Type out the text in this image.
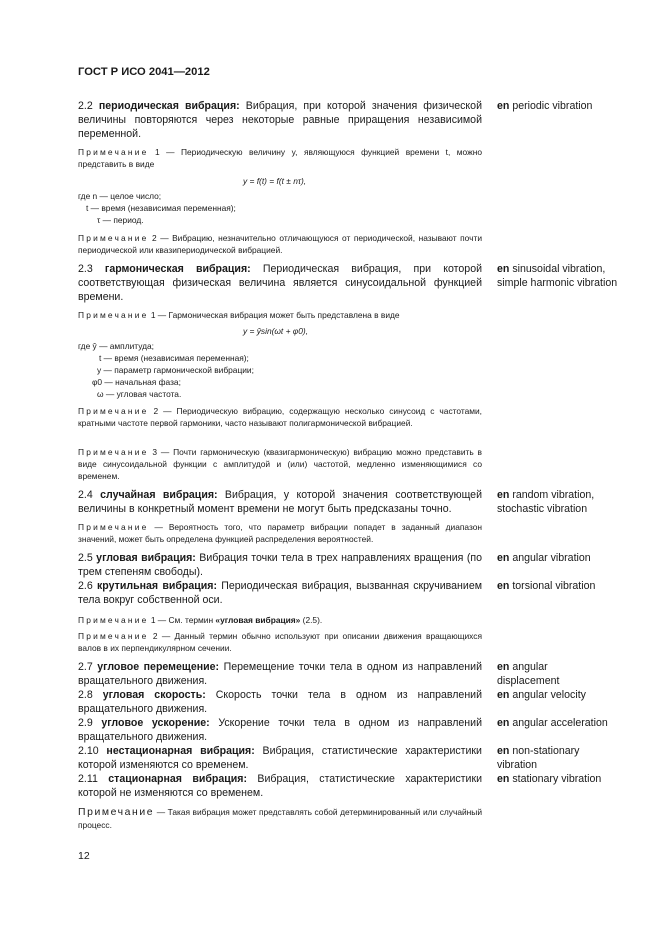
ГОСТ Р ИСО 2041—2012
2.2 периодическая вибрация: Вибрация, при которой значения физической величины повторяются через некоторые равные приращения независимой переменной.
en periodic vibration
Примечание 1 — Периодическую величину y, являющуюся функцией времени t, можно представить в виде
y = f(t) = f(t ± nτ),
где n — целое число;
t — время (независимая переменная);
τ — период.
Примечание 2 — Вибрацию, незначительно отличающуюся от периодической, называют почти периодической или квазипериодической вибрацией.
2.3 гармоническая вибрация: Периодическая вибрация, при которой соответствующая физическая величина является синусоидальной функцией времени.
en sinusoidal vibration, simple harmonic vibration
Примечание 1 — Гармоническая вибрация может быть представлена в виде
y = ŷsin(ωt + φ0),
где ŷ — амплитуда;
t — время (независимая переменная);
y — параметр гармонической вибрации;
φ0 — начальная фаза;
ω — угловая частота.
Примечание 2 — Периодическую вибрацию, содержащую несколько синусоид с частотами, кратными частоте первой гармоники, часто называют полигармонической вибрацией.
Примечание 3 — Почти гармоническую (квазигармоническую) вибрацию можно представить в виде синусоидальной функции с амплитудой и (или) частотой, медленно изменяющимися со временем.
2.4 случайная вибрация: Вибрация, у которой значения соответствующей величины в конкретный момент времени не могут быть предсказаны точно.
en random vibration, stochastic vibration
Примечание — Вероятность того, что параметр вибрации попадет в заданный диапазон значений, может быть определена функцией распределения вероятностей.
2.5 угловая вибрация: Вибрация точки тела в трех направлениях вращения (по трем степеням свободы).
en angular vibration
2.6 крутильная вибрация: Периодическая вибрация, вызванная скручиванием тела вокруг собственной оси.
en torsional vibration
Примечание 1 — См. термин «угловая вибрация» (2.5).
Примечание 2 — Данный термин обычно используют при описании движения вращающихся валов в их перпендикулярном сечении.
2.7 угловое перемещение: Перемещение точки тела в одном из направлений вращательного движения.
en angular displacement
2.8 угловая скорость: Скорость точки тела в одном из направлений вращательного движения.
en angular velocity
2.9 угловое ускорение: Ускорение точки тела в одном из направлений вращательного движения.
en angular acceleration
2.10 нестационарная вибрация: Вибрация, статистические характеристики которой изменяются со временем.
en non-stationary vibration
2.11 стационарная вибрация: Вибрация, статистические характеристики которой не изменяются со временем.
en stationary vibration
Примечание — Такая вибрация может представлять собой детерминированный или случайный процесс.
12
